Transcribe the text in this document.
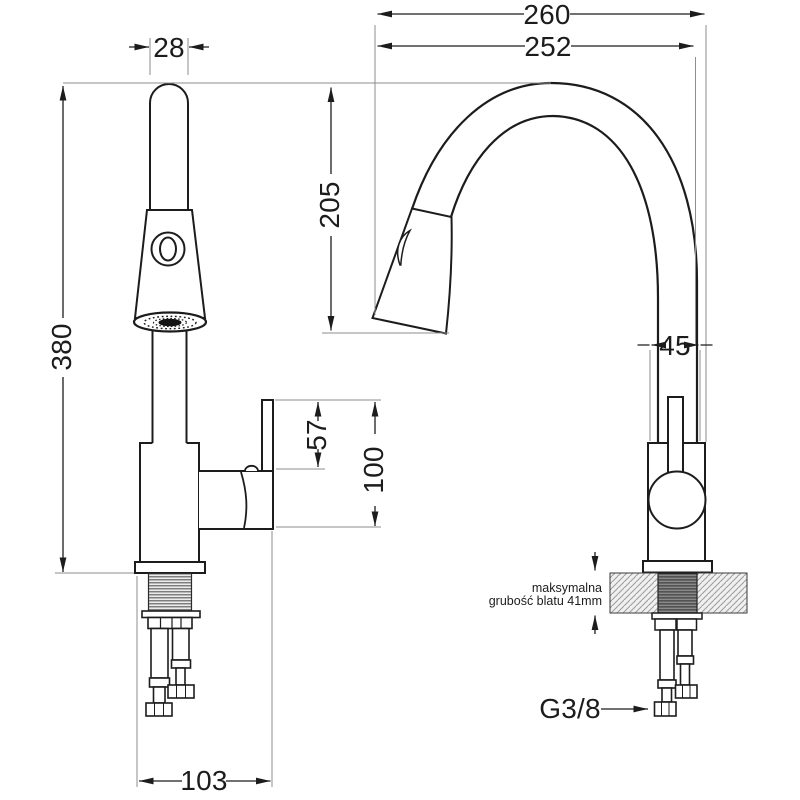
28
260
252
205
380
57
100
45
103
G3/8
maksymalna
grubość blatu 41mm
